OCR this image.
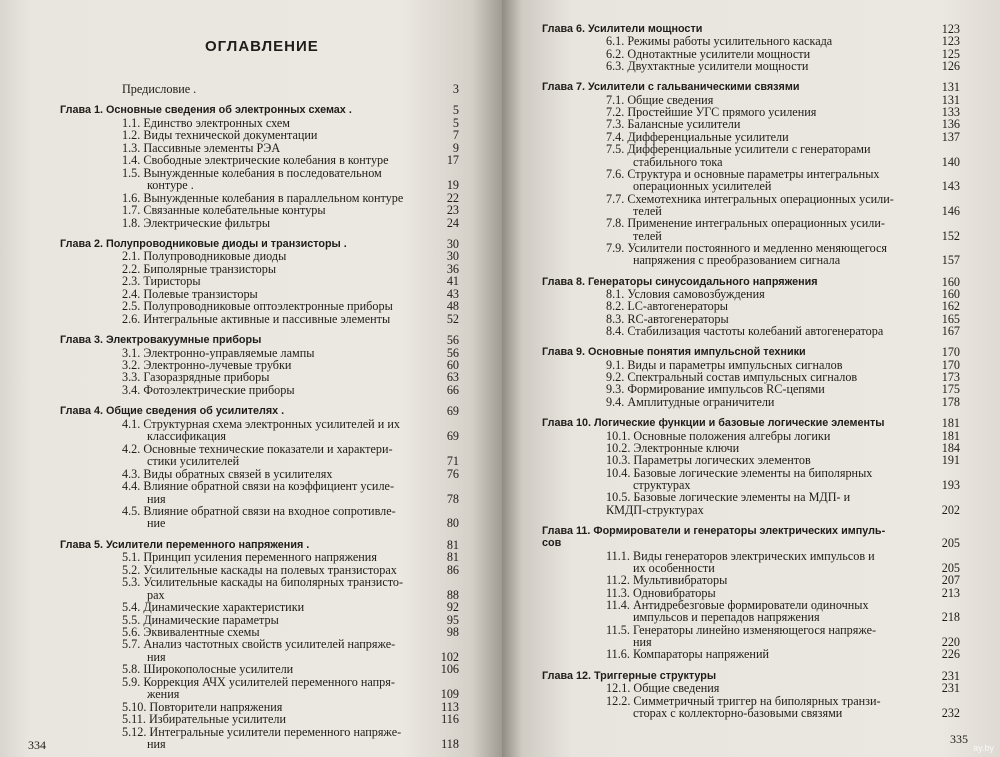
ОГЛАВЛЕНИЕ
Предисловие .	3
Глава 1. Основные сведения об электронных схемах .	5
1.1. Единство электронных схем	5
1.2. Виды технической документации	7
1.3. Пассивные элементы РЭА	9
1.4. Свободные электрические колебания в контуре	17
1.5. Вынужденные колебания в последовательном
контуре .	19
1.6. Вынужденные колебания в параллельном контуре	22
1.7. Связанные колебательные контуры	23
1.8. Электрические фильтры	24
Глава 2. Полупроводниковые диоды и транзисторы .	30
2.1. Полупроводниковые диоды	30
2.2. Биполярные транзисторы	36
2.3. Тиристоры	41
2.4. Полевые транзисторы	43
2.5. Полупроводниковые оптоэлектронные приборы	48
2.6. Интегральные активные и пассивные элементы	52
Глава 3. Электровакуумные приборы	56
3.1. Электронно-управляемые лампы	56
3.2. Электронно-лучевые трубки	60
3.3. Газоразрядные приборы	63
3.4. Фотоэлектрические приборы	66
Глава 4. Общие сведения об усилителях .	69
4.1. Структурная схема электронных усилителей и их
классификация	69
4.2. Основные технические показатели и характери-
стики усилителей	71
4.3. Виды обратных связей в усилителях	76
4.4. Влияние обратной связи на коэффициент усиле-
ния	78
4.5. Влияние обратной связи на входное сопротивле-
ние	80
Глава 5. Усилители переменного напряжения .	81
5.1. Принцип усиления переменного напряжения	81
5.2. Усилительные каскады на полевых транзисторах	86
5.3. Усилительные каскады на биполярных транзисто-
рах	88
5.4. Динамические характеристики	92
5.5. Динамические параметры	95
5.6. Эквивалентные схемы	98
5.7. Анализ частотных свойств усилителей напряже-
ния	102
5.8. Широкополосные усилители	106
5.9. Коррекция АЧХ усилителей переменного напря-
жения	109
5.10. Повторители напряжения	113
5.11. Избирательные усилители	116
5.12. Интегральные усилители переменного напряже-
ния	118
334
Глава 6. Усилители мощности	123
6.1. Режимы работы усилительного каскада	123
6.2. Однотактные усилители мощности	125
6.3. Двухтактные усилители мощности	126
Глава 7. Усилители с гальваническими связями	131
7.1. Общие сведения	131
7.2. Простейшие УГС прямого усиления	133
7.3. Балансные усилители	136
7.4. Дифференциальные усилители	137
7.5. Дифференциальные усилители с генераторами
стабильного тока	140
7.6. Структура и основные параметры интегральных
операционных усилителей	143
7.7. Схемотехника интегральных операционных усили-
телей	146
7.8. Применение интегральных операционных усили-
телей	152
7.9. Усилители постоянного и медленно меняющегося
напряжения с преобразованием сигнала	157
Глава 8. Генераторы синусоидального напряжения	160
8.1. Условия самовозбуждения	160
8.2. LC-автогенераторы	162
8.3. RC-автогенераторы	165
8.4. Стабилизация частоты колебаний автогенератора	167
Глава 9. Основные понятия импульсной техники	170
9.1. Виды и параметры импульсных сигналов	170
9.2. Спектральный состав импульсных сигналов	173
9.3. Формирование импульсов RC-цепями	175
9.4. Амплитудные ограничители	178
Глава 10. Логические функции и базовые логические элементы	181
10.1. Основные положения алгебры логики	181
10.2. Электронные ключи	184
10.3. Параметры логических элементов	191
10.4. Базовые логические элементы на биполярных
структурах	193
10.5. Базовые логические элементы на МДП- и
КМДП-структурах	202
Глава 11. Формирователи и генераторы электрических импуль-
сов	205
11.1. Виды генераторов электрических импульсов и
их особенности	205
11.2. Мультивибраторы	207
11.3. Одновибраторы	213
11.4. Антидребезговые формирователи одиночных
импульсов и перепадов напряжения	218
11.5. Генераторы линейно изменяющегося напряже-
ния	220
11.6. Компараторы напряжений	226
Глава 12. Триггерные структуры	231
12.1. Общие сведения	231
12.2. Симметричный триггер на биполярных транзи-
сторах с коллекторно-базовыми связями	232
335
ay.by
